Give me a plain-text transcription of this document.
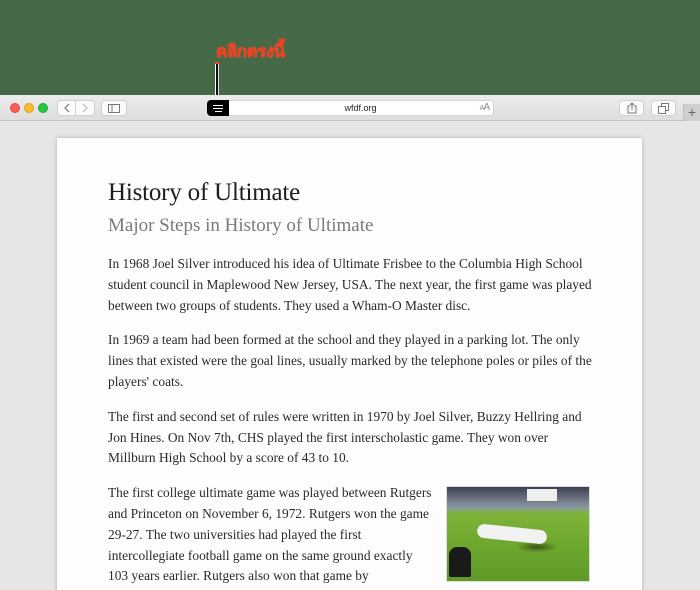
คลิกตรงนี้
wfdf.org	AA	+
History of Ultimate
Major Steps in History of Ultimate

In 1968 Joel Silver introduced his idea of Ultimate Frisbee to the Columbia High School student council in Maplewood New Jersey, USA. The next year, the first game was played between two groups of students. They used a Wham-O Master disc.

In 1969 a team had been formed at the school and they played in a parking lot. The only lines that existed were the goal lines, usually marked by the telephone poles or piles of the players' coats.

The first and second set of rules were written in 1970 by Joel Silver, Buzzy Hellring and Jon Hines. On Nov 7th, CHS played the first interscholastic game. They won over Millburn High School by a score of 43 to 10.

The first college ultimate game was played between Rutgers and Princeton on November 6, 1972. Rutgers won the game 29-27. The two universities had played the first intercollegiate football game on the same ground exactly 103 years earlier. Rutgers also won that game by
